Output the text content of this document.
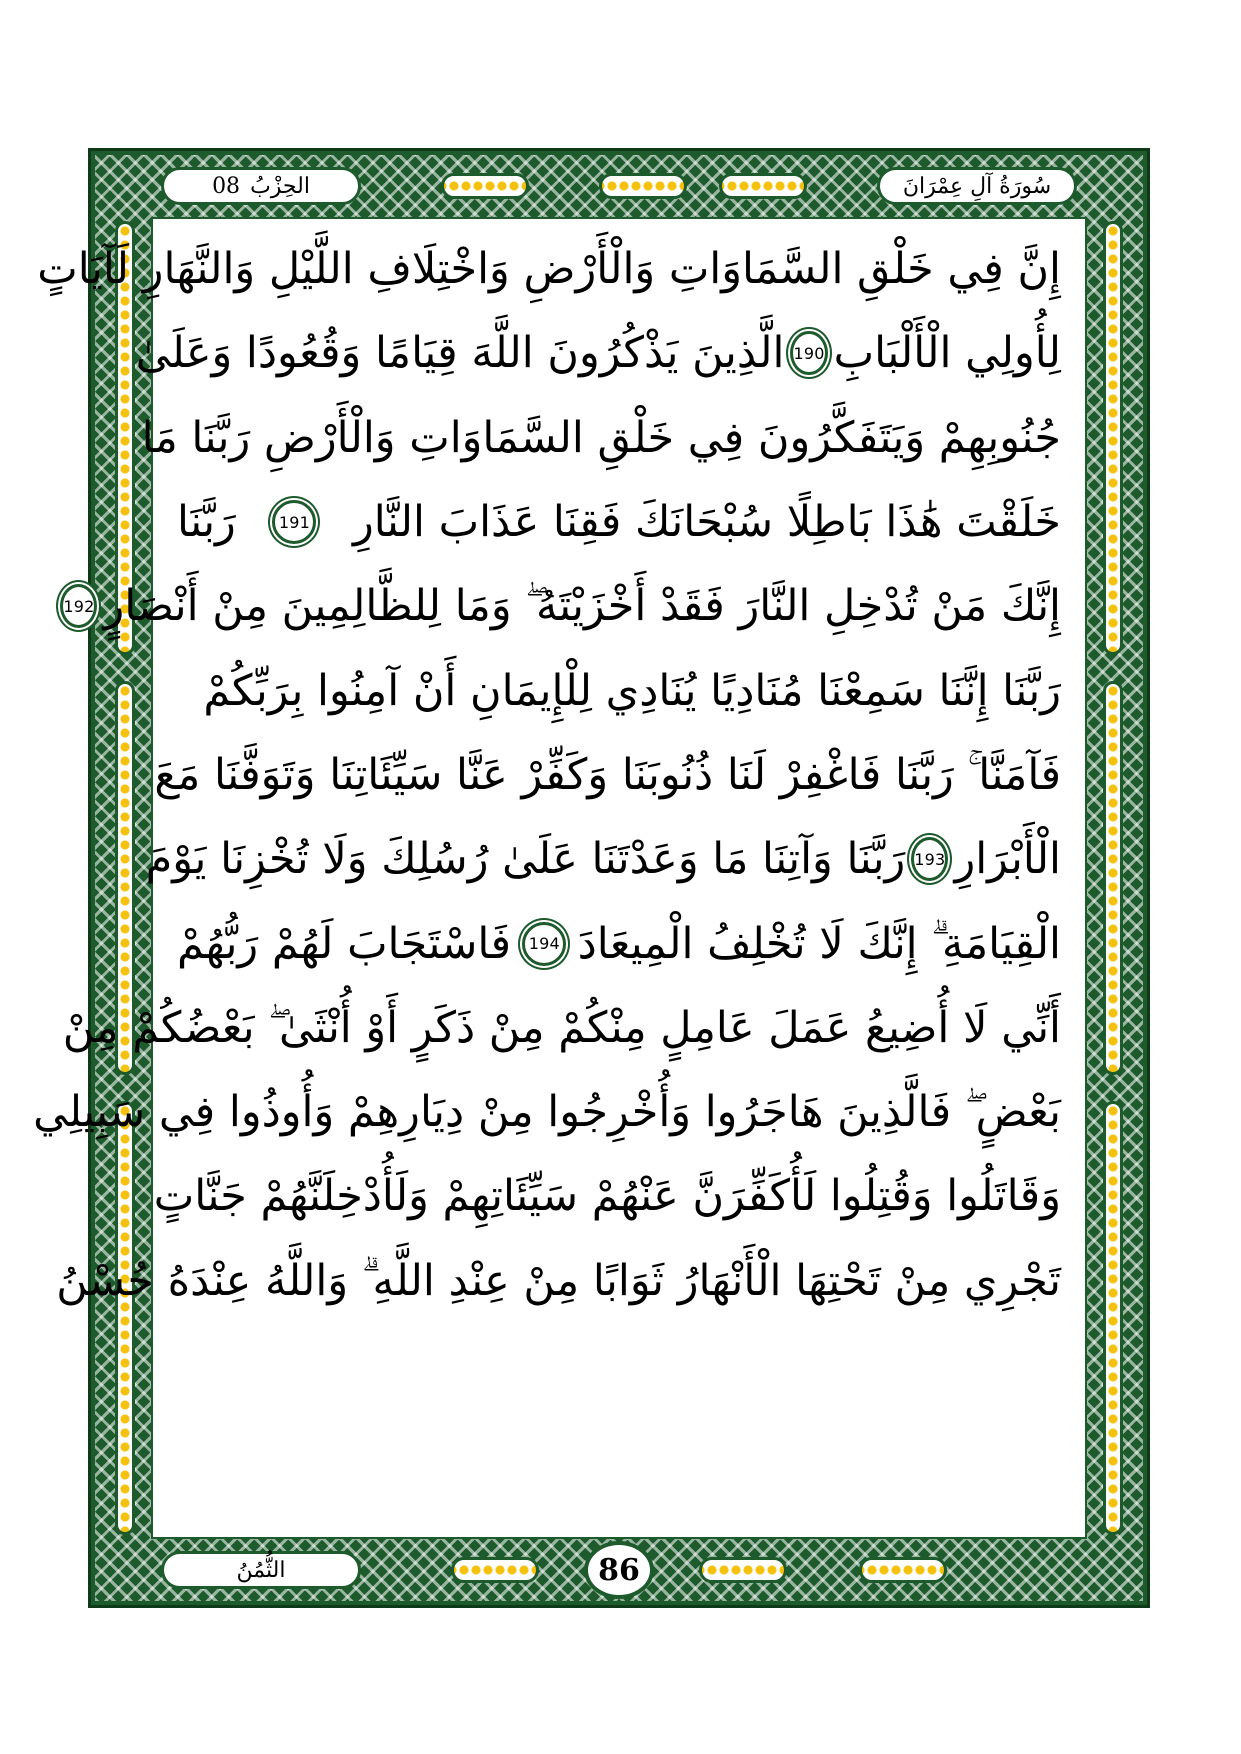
سُورَةُ آلِ عِمْرَانَ
الحِزْبُ
08
إِنَّ فِي خَلْقِ السَّمَاوَاتِ وَالْأَرْضِ وَاخْتِلَافِ اللَّيْلِ وَالنَّهَارِ لَآيَاتٍ
لِأُولِي الْأَلْبَابِ
190
الَّذِينَ يَذْكُرُونَ اللَّهَ قِيَامًا وَقُعُودًا وَعَلَىٰ
جُنُوبِهِمْ وَيَتَفَكَّرُونَ فِي خَلْقِ السَّمَاوَاتِ وَالْأَرْضِ رَبَّنَا مَا
خَلَقْتَ هَٰذَا بَاطِلًا سُبْحَانَكَ فَقِنَا عَذَابَ النَّارِ
191
رَبَّنَا
إِنَّكَ مَنْ تُدْخِلِ النَّارَ فَقَدْ أَخْزَيْتَهُ ۖ وَمَا لِلظَّالِمِينَ مِنْ أَنْصَارٍ
192
رَبَّنَا إِنَّنَا سَمِعْنَا مُنَادِيًا يُنَادِي لِلْإِيمَانِ أَنْ آمِنُوا بِرَبِّكُمْ
فَآمَنَّا ۚ رَبَّنَا فَاغْفِرْ لَنَا ذُنُوبَنَا وَكَفِّرْ عَنَّا سَيِّئَاتِنَا وَتَوَفَّنَا مَعَ
الْأَبْرَارِ
193
رَبَّنَا وَآتِنَا مَا وَعَدْتَنَا عَلَىٰ رُسُلِكَ وَلَا تُخْزِنَا يَوْمَ
الْقِيَامَةِ ۗ إِنَّكَ لَا تُخْلِفُ الْمِيعَادَ
194
فَاسْتَجَابَ لَهُمْ رَبُّهُمْ
أَنِّي لَا أُضِيعُ عَمَلَ عَامِلٍ مِنْكُمْ مِنْ ذَكَرٍ أَوْ أُنْثَىٰ ۖ بَعْضُكُمْ مِنْ
بَعْضٍ ۖ فَالَّذِينَ هَاجَرُوا وَأُخْرِجُوا مِنْ دِيَارِهِمْ وَأُوذُوا فِي سَبِيلِي
وَقَاتَلُوا وَقُتِلُوا لَأُكَفِّرَنَّ عَنْهُمْ سَيِّئَاتِهِمْ وَلَأُدْخِلَنَّهُمْ جَنَّاتٍ
تَجْرِي مِنْ تَحْتِهَا الْأَنْهَارُ ثَوَابًا مِنْ عِنْدِ اللَّهِ ۗ وَاللَّهُ عِنْدَهُ حُسْنُ
الثُّمُنُ	86
